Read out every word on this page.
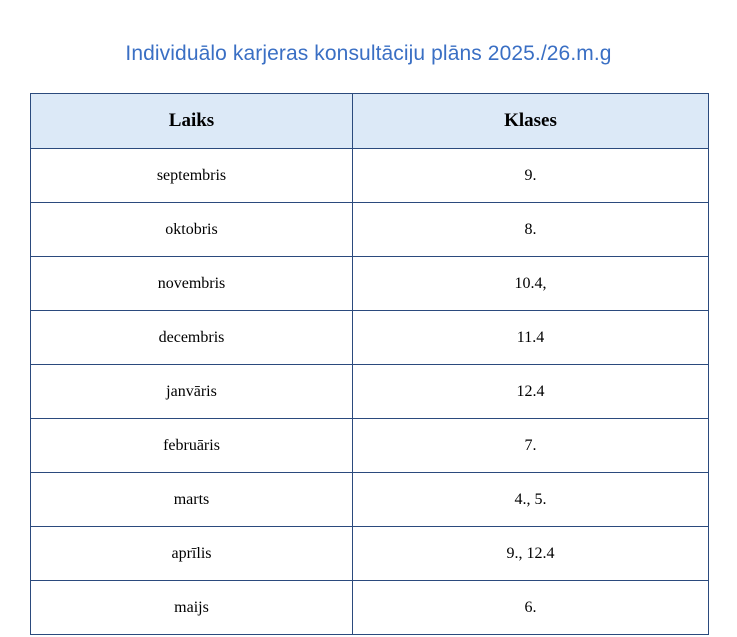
Individuālo karjeras konsultāciju plāns 2025./26.m.g
Laiks	Klases
septembris	9.
oktobris	8.
novembris	10.4,
decembris	11.4
janvāris	12.4
februāris	7.
marts	4., 5.
aprīlis	9., 12.4
maijs	6.
